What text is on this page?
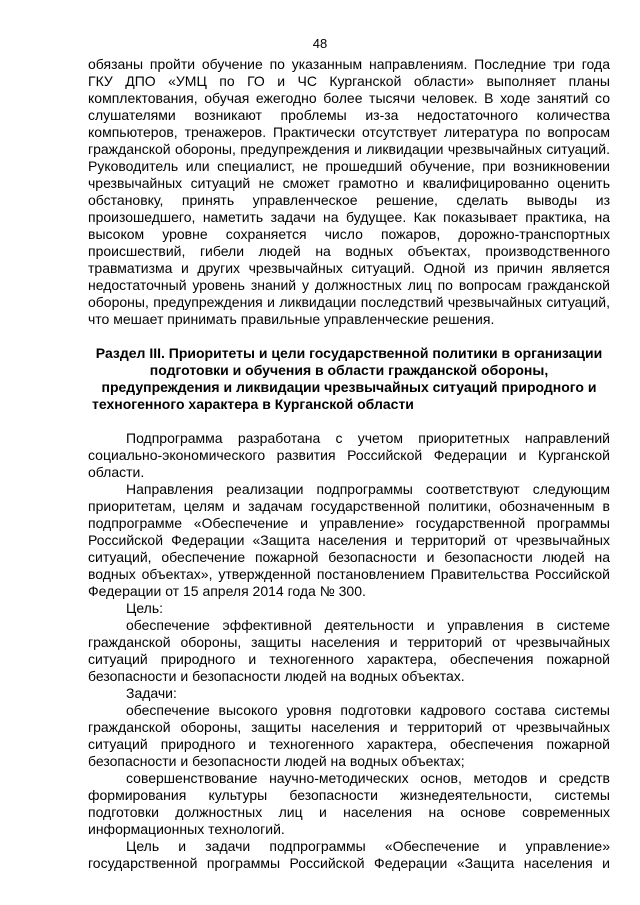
48

обязаны пройти обучение по указанным направлениям. Последние три года ГКУ ДПО «УМЦ по ГО и ЧС Курганской области» выполняет планы комплектования, обучая ежегодно более тысячи человек. В ходе занятий со слушателями возникают проблемы из-за недостаточного количества компьютеров, тренажеров. Практически отсутствует литература по вопросам гражданской обороны, предупреждения и ликвидации чрезвычайных ситуаций. Руководитель или специалист, не прошедший обучение, при возникновении чрезвычайных ситуаций не сможет грамотно и квалифицированно оценить обстановку, принять управленческое решение, сделать выводы из произошедшего, наметить задачи на будущее. Как показывает практика, на высоком уровне сохраняется число пожаров, дорожно-транспортных происшествий, гибели людей на водных объектах, производственного травматизма и других чрезвычайных ситуаций. Одной из причин является недостаточный уровень знаний у должностных лиц по вопросам гражданской обороны, предупреждения и ликвидации последствий чрезвычайных ситуаций, что мешает принимать правильные управленческие решения.

Раздел III. Приоритеты и цели государственной политики в организации подготовки и обучения в области гражданской обороны, предупреждения и ликвидации чрезвычайных ситуаций природного и техногенного характера в Курганской области

Подпрограмма разработана с учетом приоритетных направлений социально-экономического развития Российской Федерации и Курганской области.

Направления реализации подпрограммы соответствуют следующим приоритетам, целям и задачам государственной политики, обозначенным в подпрограмме «Обеспечение и управление» государственной программы Российской Федерации «Защита населения и территорий от чрезвычайных ситуаций, обеспечение пожарной безопасности и безопасности людей на водных объектах», утвержденной постановлением Правительства Российской Федерации от 15 апреля 2014 года № 300.

Цель:

обеспечение эффективной деятельности и управления в системе гражданской обороны, защиты населения и территорий от чрезвычайных ситуаций природного и техногенного характера, обеспечения пожарной безопасности и безопасности людей на водных объектах.

Задачи:

обеспечение высокого уровня подготовки кадрового состава системы гражданской обороны, защиты населения и территорий от чрезвычайных ситуаций природного и техногенного характера, обеспечения пожарной безопасности и безопасности людей на водных объектах;

совершенствование научно-методических основ, методов и средств формирования культуры безопасности жизнедеятельности, системы подготовки должностных лиц и населения на основе современных информационных технологий.

Цель и задачи подпрограммы «Обеспечение и управление» государственной программы Российской Федерации «Защита населения и
